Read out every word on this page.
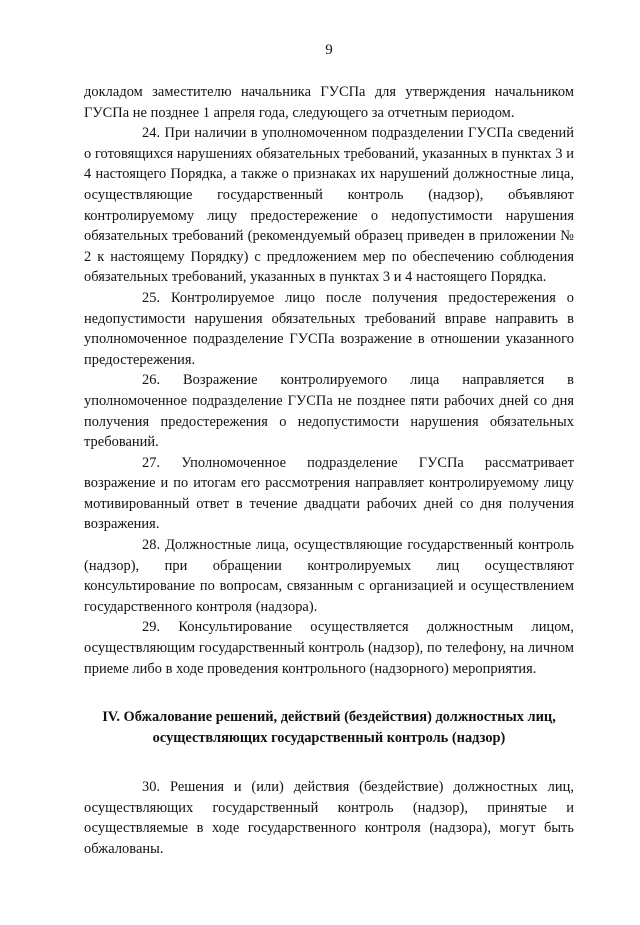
9

докладом заместителю начальника ГУСПа для утверждения начальником ГУСПа не позднее 1 апреля года, следующего за отчетным периодом.

24. При наличии в уполномоченном подразделении ГУСПа сведений о готовящихся нарушениях обязательных требований, указанных в пунктах 3 и 4 настоящего Порядка, а также о признаках их нарушений должностные лица, осуществляющие государственный контроль (надзор), объявляют контролируемому лицу предостережение о недопустимости нарушения обязательных требований (рекомендуемый образец приведен в приложении № 2 к настоящему Порядку) с предложением мер по обеспечению соблюдения обязательных требований, указанных в пунктах 3 и 4 настоящего Порядка.

25. Контролируемое лицо после получения предостережения о недопустимости нарушения обязательных требований вправе направить в уполномоченное подразделение ГУСПа возражение в отношении указанного предостережения.

26. Возражение контролируемого лица направляется в уполномоченное подразделение ГУСПа не позднее пяти рабочих дней со дня получения предостережения о недопустимости нарушения обязательных требований.

27. Уполномоченное подразделение ГУСПа рассматривает возражение и по итогам его рассмотрения направляет контролируемому лицу мотивированный ответ в течение двадцати рабочих дней со дня получения возражения.

28. Должностные лица, осуществляющие государственный контроль (надзор), при обращении контролируемых лиц осуществляют консультирование по вопросам, связанным с организацией и осуществлением государственного контроля (надзора).

29. Консультирование осуществляется должностным лицом, осуществляющим государственный контроль (надзор), по телефону, на личном приеме либо в ходе проведения контрольного (надзорного) мероприятия.

IV. Обжалование решений, действий (бездействия) должностных лиц, осуществляющих государственный контроль (надзор)

30. Решения и (или) действия (бездействие) должностных лиц, осуществляющих государственный контроль (надзор), принятые и осуществляемые в ходе государственного контроля (надзора), могут быть обжалованы.
